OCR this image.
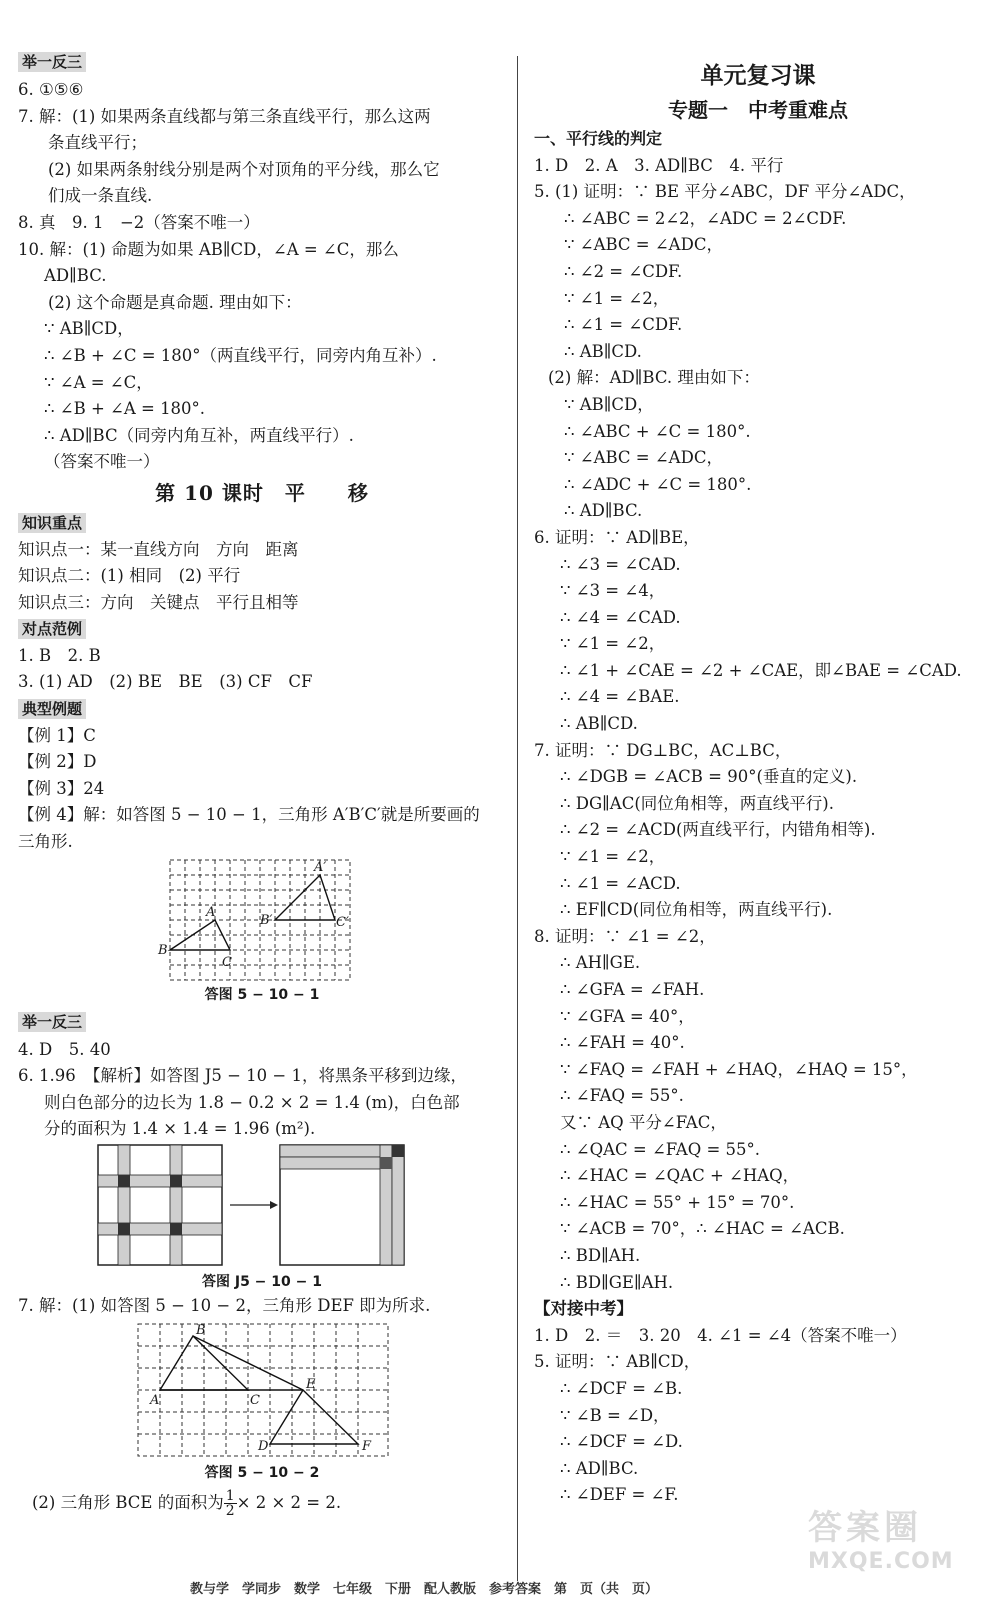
举一反三
6. ①⑤⑥
7. 解：(1) 如果两条直线都与第三条直线平行，那么这两
条直线平行；
(2) 如果两条射线分别是两个对顶角的平分线，那么它
们成一条直线.
8. 真　9. 1　−2（答案不唯一）
10. 解：(1) 命题为如果 AB∥CD，∠A = ∠C，那么
AD∥BC.
(2) 这个命题是真命题. 理由如下：
∵ AB∥CD，
∴ ∠B + ∠C = 180°（两直线平行，同旁内角互补）.
∵ ∠A = ∠C，
∴ ∠B + ∠A = 180°.
∴ AD∥BC（同旁内角互补，两直线平行）.
（答案不唯一）
第 10 课时　平　　移
知识重点
知识点一：某一直线方向　方向　距离
知识点二：(1) 相同　(2) 平行
知识点三：方向　关键点　平行且相等
对点范例
1. B　2. B
3. (1) AD　(2) BE　BE　(3) CF　CF
典型例题
【例 1】C
【例 2】D
【例 3】24
【例 4】解：如答图 5 − 10 − 1，三角形 A′B′C′就是所要画的
三角形.
B
A
C
B′
A′
C′
答图 5 − 10 − 1
举一反三
4. D　5. 40
6. 1.96　【解析】如答图 J5 − 10 − 1，将黑条平移到边缘，
则白色部分的边长为 1.8 − 0.2 × 2 = 1.4 (m)，白色部
分的面积为 1.4 × 1.4 = 1.96 (m²).
答图 J5 − 10 − 1
7. 解：(1) 如答图 5 − 10 − 2，三角形 DEF 即为所求.
B
A	C
E
D	F
答图 5 − 10 − 2
(2) 三角形 BCE 的面积为 $\frac{1}{2} \times 2 \times 2 = 2$.
单元复习课
专题一　中考重难点
一、平行线的判定
1. D　2. A　3. AD∥BC　4. 平行
5. (1) 证明：∵ BE 平分∠ABC，DF 平分∠ADC，
∴ ∠ABC = 2∠2，∠ADC = 2∠CDF.
∵ ∠ABC = ∠ADC，
∴ ∠2 = ∠CDF.
∵ ∠1 = ∠2，
∴ ∠1 = ∠CDF.
∴ AB∥CD.
(2) 解：AD∥BC. 理由如下：
∵ AB∥CD，
∴ ∠ABC + ∠C = 180°.
∵ ∠ABC = ∠ADC，
∴ ∠ADC + ∠C = 180°.
∴ AD∥BC.
6. 证明：∵ AD∥BE，
∴ ∠3 = ∠CAD.
∵ ∠3 = ∠4，
∴ ∠4 = ∠CAD.
∵ ∠1 = ∠2，
∴ ∠1 + ∠CAE = ∠2 + ∠CAE，即∠BAE = ∠CAD.
∴ ∠4 = ∠BAE.
∴ AB∥CD.
7. 证明：∵ DG⊥BC，AC⊥BC，
∴ ∠DGB = ∠ACB = 90°(垂直的定义).
∴ DG∥AC(同位角相等，两直线平行).
∴ ∠2 = ∠ACD(两直线平行，内错角相等).
∵ ∠1 = ∠2，
∴ ∠1 = ∠ACD.
∴ EF∥CD(同位角相等，两直线平行).
8. 证明：∵ ∠1 = ∠2，
∴ AH∥GE.
∴ ∠GFA = ∠FAH.
∵ ∠GFA = 40°，
∴ ∠FAH = 40°.
∵ ∠FAQ = ∠FAH + ∠HAQ，∠HAQ = 15°，
∴ ∠FAQ = 55°.
又∵ AQ 平分∠FAC，
∴ ∠QAC = ∠FAQ = 55°.
∴ ∠HAC = ∠QAC + ∠HAQ，
∴ ∠HAC = 55° + 15° = 70°.
∵ ∠ACB = 70°，∴ ∠HAC = ∠ACB.
∴ BD∥AH.
∴ BD∥GE∥AH.
【对接中考】
1. D　2. ＝　3. 20　4. ∠1 = ∠4（答案不唯一）
5. 证明：∵ AB∥CD，
∴ ∠DCF = ∠B.
∵ ∠B = ∠D，
∴ ∠DCF = ∠D.
∴ AD∥BC.
∴ ∠DEF = ∠F.
答案圈
MXQE.COM
教与学　学同步　数学　七年级　下册　配人教版　参考答案　第　页（共　页）
